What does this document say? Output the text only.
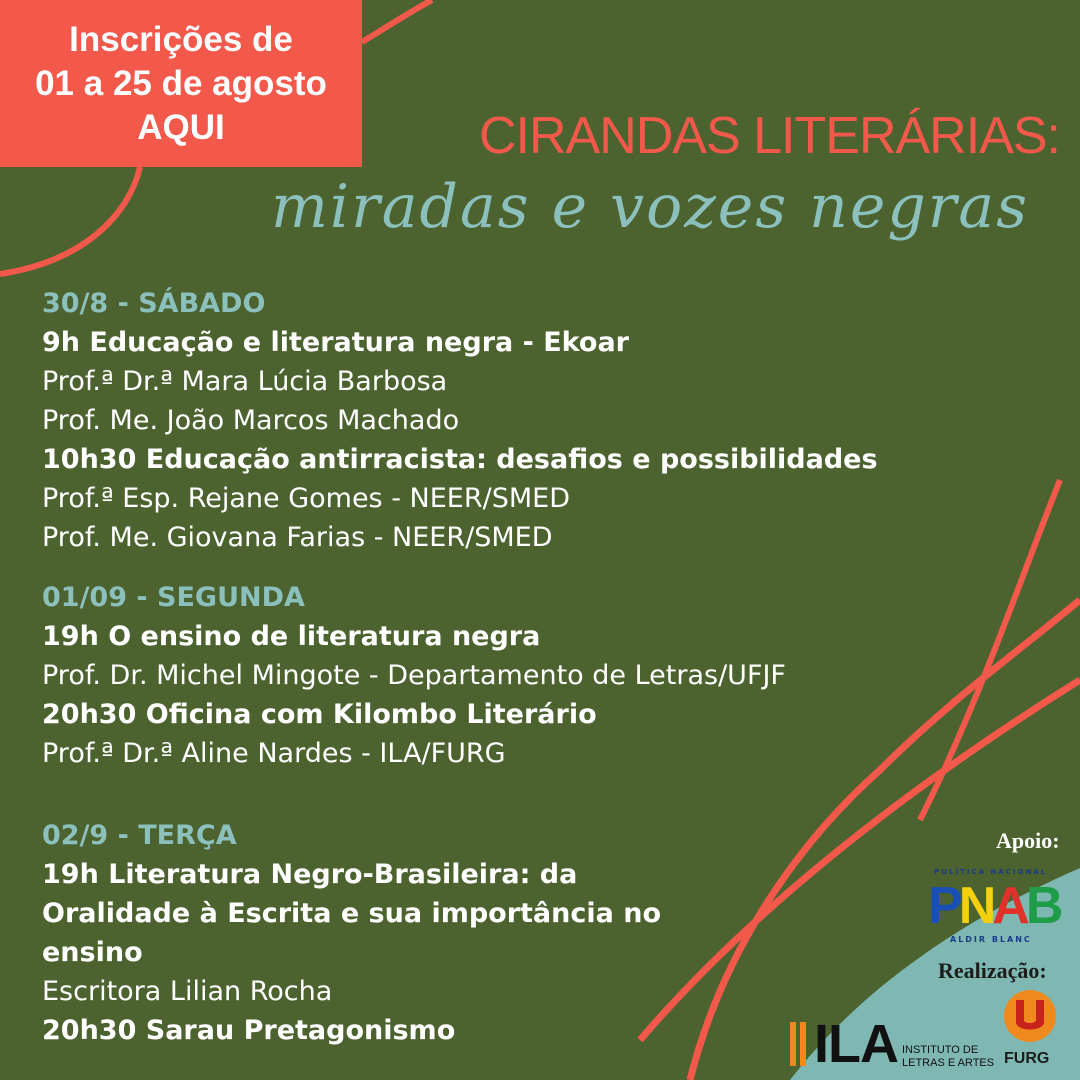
Inscrições de
01 a 25 de agosto
AQUI	CIRANDAS LITERÁRIAS:
miradas e vozes negras
30/8 - SÁBADO
9h Educação e literatura negra - Ekoar
Prof.ª Dr.ª Mara Lúcia Barbosa
Prof. Me. João Marcos Machado
10h30 Educação antirracista: desafios e possibilidades
Prof.ª Esp. Rejane Gomes - NEER/SMED
Prof. Me. Giovana Farias - NEER/SMED
01/09 - SEGUNDA
19h O ensino de literatura negra
Prof. Dr. Michel Mingote - Departamento de Letras/UFJF
20h30 Oficina com Kilombo Literário
Prof.ª Dr.ª Aline Nardes - ILA/FURG
02/9 - TERÇA
19h Literatura Negro-Brasileira: da Oralidade à Escrita e sua importância no ensino
Escritora Lilian Rocha
20h30 Sarau Pretagonismo
Apoio:
POLÍTICA NACIONAL
PNAB
ALDIR BLANC
Realização:
ILA INSTITUTO DE
LETRAS E ARTES FURG
